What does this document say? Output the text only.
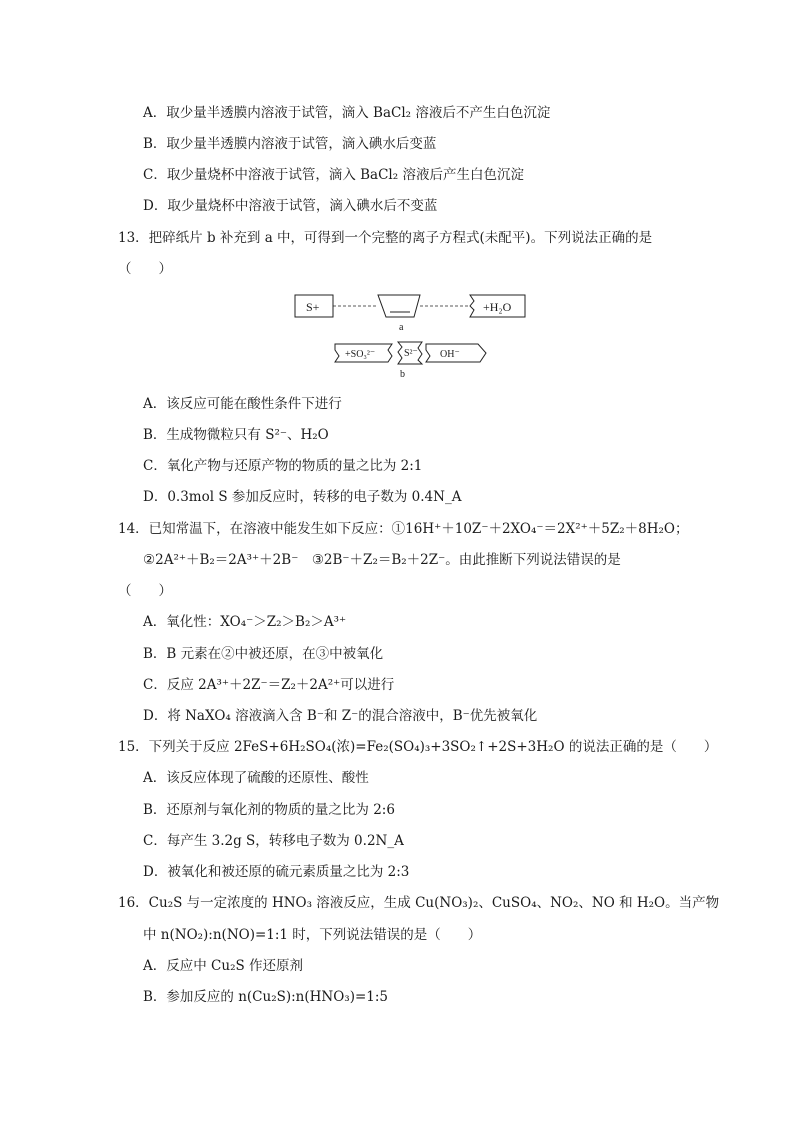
A．取少量半透膜内溶液于试管，滴入 BaCl₂ 溶液后不产生白色沉淀
B．取少量半透膜内溶液于试管，滴入碘水后变蓝
C．取少量烧杯中溶液于试管，滴入 BaCl₂ 溶液后产生白色沉淀
D．取少量烧杯中溶液于试管，滴入碘水后不变蓝
13．把碎纸片 b 补充到 a 中，可得到一个完整的离子方程式(未配平)。下列说法正确的是
（　　）
S+	+H₂O
a
+SO₃²⁻	S²⁻ OH⁻
b
A．该反应可能在酸性条件下进行
B．生成物微粒只有 S²⁻、H₂O
C．氧化产物与还原产物的物质的量之比为 2:1
D．0.3mol S 参加反应时，转移的电子数为 0.4N_A
14．已知常温下，在溶液中能发生如下反应：①16H⁺＋10Z⁻＋2XO₄⁻＝2X²⁺＋5Z₂＋8H₂O；
②2A²⁺＋B₂＝2A³⁺＋2B⁻　③2B⁻＋Z₂＝B₂＋2Z⁻。由此推断下列说法错误的是
（　　）
A．氧化性：XO₄⁻＞Z₂＞B₂＞A³⁺
B．B 元素在②中被还原，在③中被氧化
C．反应 2A³⁺＋2Z⁻＝Z₂＋2A²⁺可以进行
D．将 NaXO₄ 溶液滴入含 B⁻和 Z⁻的混合溶液中，B⁻优先被氧化
15．下列关于反应 2FeS+6H₂SO₄(浓)=Fe₂(SO₄)₃+3SO₂↑+2S+3H₂O 的说法正确的是（　　）
A．该反应体现了硫酸的还原性、酸性
B．还原剂与氧化剂的物质的量之比为 2:6
C．每产生 3.2g S，转移电子数为 0.2N_A
D．被氧化和被还原的硫元素质量之比为 2:3
16．Cu₂S 与一定浓度的 HNO₃ 溶液反应，生成 Cu(NO₃)₂、CuSO₄、NO₂、NO 和 H₂O。当产物
中 n(NO₂):n(NO)=1:1 时，下列说法错误的是（　　）
A．反应中 Cu₂S 作还原剂
B．参加反应的 n(Cu₂S):n(HNO₃)=1:5
